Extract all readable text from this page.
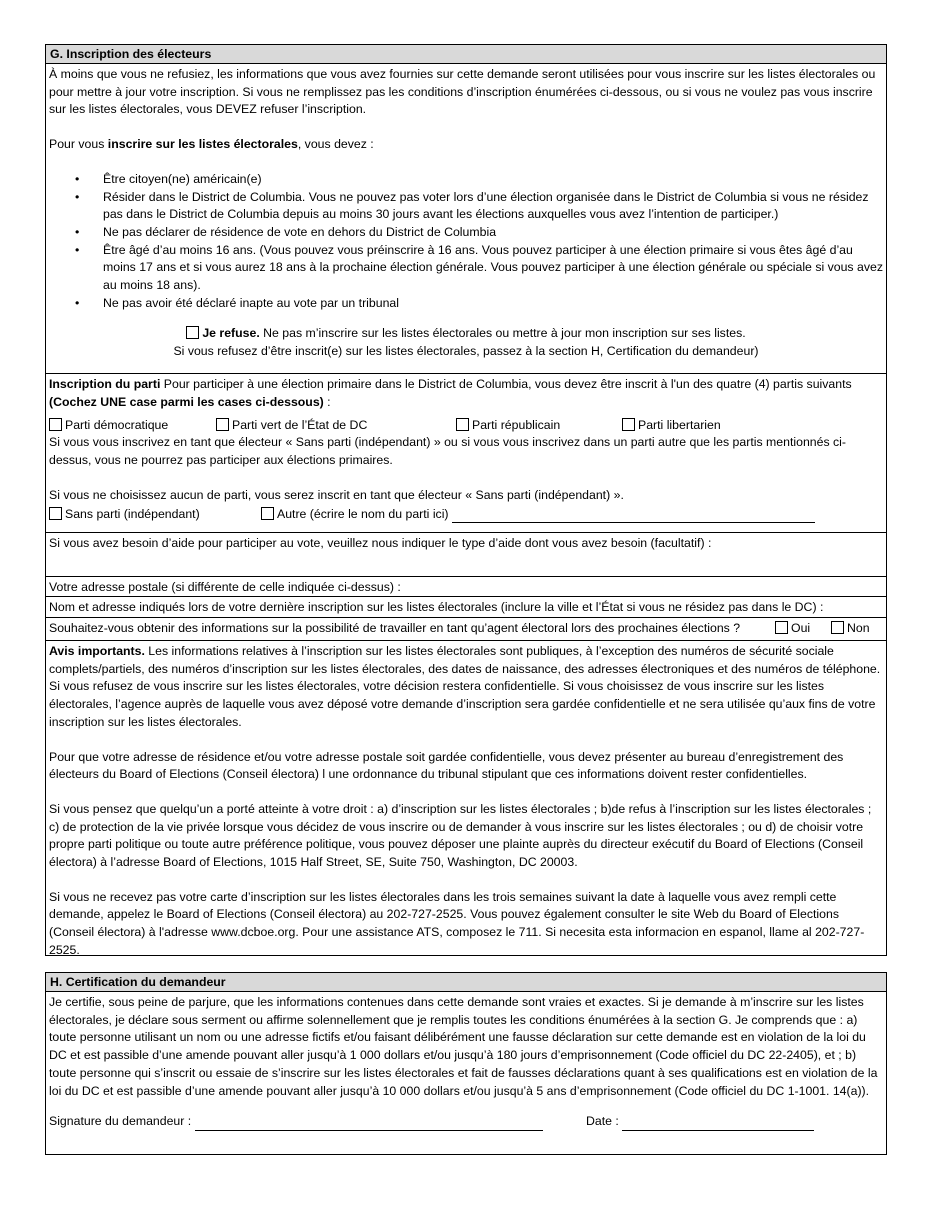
G. Inscription des électeurs

À moins que vous ne refusiez, les informations que vous avez fournies sur cette demande seront utilisées pour vous inscrire sur les listes électorales ou pour mettre à jour votre inscription. Si vous ne remplissez pas les conditions d’inscription énumérées ci-dessous, ou si vous ne voulez pas vous inscrire sur les listes électorales, vous DEVEZ refuser l’inscription.

Pour vous inscrire sur les listes électorales, vous devez :

• Être citoyen(ne) américain(e)
• Résider dans le District de Columbia. Vous ne pouvez pas voter lors d’une élection organisée dans le District de Columbia si vous ne résidez pas dans le District de Columbia depuis au moins 30 jours avant les élections auxquelles vous avez l’intention de participer.)
• Ne pas déclarer de résidence de vote en dehors du District de Columbia
• Être âgé d’au moins 16 ans. (Vous pouvez vous préinscrire à 16 ans. Vous pouvez participer à une élection primaire si vous êtes âgé d’au moins 17 ans et si vous aurez 18 ans à la prochaine élection générale. Vous pouvez participer à une élection générale ou spéciale si vous avez au moins 18 ans).
• Ne pas avoir été déclaré inapte au vote par un tribunal

Je refuse. Ne pas m’inscrire sur les listes électorales ou mettre à jour mon inscription sur ses listes.

Si vous refusez d’être inscrit(e) sur les listes électorales, passez à la section H, Certification du demandeur)

Inscription du parti Pour participer à une élection primaire dans le District de Columbia, vous devez être inscrit à l'un des quatre (4) partis suivants (Cochez UNE case parmi les cases ci-dessous) :

Parti démocratique	Parti vert de l’État de DC	Parti républicain	Parti libertarien

Si vous vous inscrivez en tant que électeur « Sans parti (indépendant) » ou si vous vous inscrivez dans un parti autre que les partis mentionnés ci-dessus, vous ne pourrez pas participer aux élections primaires.

Si vous ne choisissez aucun de parti, vous serez inscrit en tant que électeur « Sans parti (indépendant) ».

Sans parti (indépendant)	Autre (écrire le nom du parti ici)

Si vous avez besoin d’aide pour participer au vote, veuillez nous indiquer le type d’aide dont vous avez besoin (facultatif) :

Votre adresse postale (si différente de celle indiquée ci-dessus) :

Nom et adresse indiqués lors de votre dernière inscription sur les listes électorales (inclure la ville et l’État si vous ne résidez pas dans le DC) :

Souhaitez-vous obtenir des informations sur la possibilité de travailler en tant qu’agent électoral lors des prochaines élections ?	Oui	Non

Avis importants. Les informations relatives à l’inscription sur les listes électorales sont publiques, à l’exception des numéros de sécurité sociale complets/partiels, des numéros d’inscription sur les listes électorales, des dates de naissance, des adresses électroniques et des numéros de téléphone. Si vous refusez de vous inscrire sur les listes électorales, votre décision restera confidentielle. Si vous choisissez de vous inscrire sur les listes électorales, l’agence auprès de laquelle vous avez déposé votre demande d’inscription sera gardée confidentielle et ne sera utilisée qu’aux fins de votre inscription sur les listes électorales.

Pour que votre adresse de résidence et/ou votre adresse postale soit gardée confidentielle, vous devez présenter au bureau d’enregistrement des électeurs du Board of Elections (Conseil électora) l une ordonnance du tribunal stipulant que ces informations doivent rester confidentielles.

Si vous pensez que quelqu’un a porté atteinte à votre droit : a) d’inscription sur les listes électorales ; b)de refus à l’inscription sur les listes électorales ; c) de protection de la vie privée lorsque vous décidez de vous inscrire ou de demander à vous inscrire sur les listes électorales ; ou d) de choisir votre propre parti politique ou toute autre préférence politique, vous pouvez déposer une plainte auprès du directeur exécutif du Board of Elections (Conseil électora) à l’adresse Board of Elections, 1015 Half Street, SE, Suite 750, Washington, DC 20003.

Si vous ne recevez pas votre carte d’inscription sur les listes électorales dans les trois semaines suivant la date à laquelle vous avez rempli cette demande, appelez le Board of Elections (Conseil électora) au 202-727-2525. Vous pouvez également consulter le site Web du Board of Elections (Conseil électora) à l'adresse www.dcboe.org. Pour une assistance ATS, composez le 711. Si necesita esta informacion en espanol, llame al 202-727-2525.

H. Certification du demandeur

Je certifie, sous peine de parjure, que les informations contenues dans cette demande sont vraies et exactes. Si je demande à m’inscrire sur les listes électorales, je déclare sous serment ou affirme solennellement que je remplis toutes les conditions énumérées à la section G. Je comprends que : a) toute personne utilisant un nom ou une adresse fictifs et/ou faisant délibérément une fausse déclaration sur cette demande est en violation de la loi du DC et est passible d’une amende pouvant aller jusqu’à 1 000 dollars et/ou jusqu’à 180 jours d’emprisonnement (Code officiel du DC 22-2405), et ; b) toute personne qui s’inscrit ou essaie de s’inscrire sur les listes électorales et fait de fausses déclarations quant à ses qualifications est en violation de la loi du DC et est passible d’une amende pouvant aller jusqu’à 10 000 dollars et/ou jusqu’à 5 ans d’emprisonnement (Code officiel du DC 1-1001. 14(a)).

Signature du demandeur :	Date :
